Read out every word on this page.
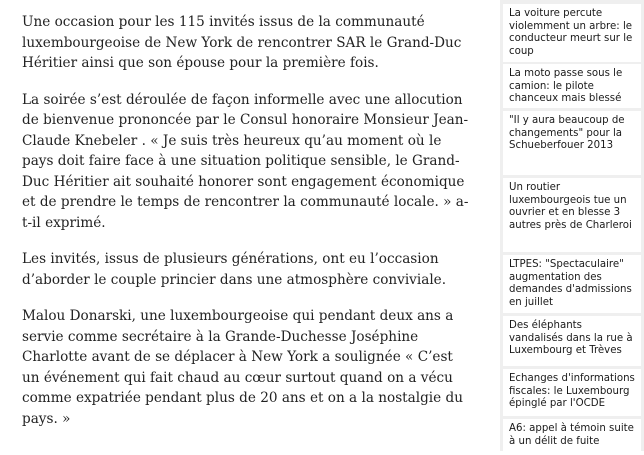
Une occasion pour les 115 invités issus de la communauté luxembourgeoise de New York de rencontrer SAR le Grand-Duc Héritier ainsi que son épouse pour la première fois.

La soirée s’est déroulée de façon informelle avec une allocution de bienvenue prononcée par le Consul honoraire Monsieur Jean-Claude Knebeler . « Je suis très heureux qu’au moment où le pays doit faire face à une situation politique sensible, le Grand-Duc Héritier ait souhaité honorer sont engagement économique et de prendre le temps de rencontrer la communauté locale. » a-t-il exprimé.

Les invités, issus de plusieurs générations, ont eu l’occasion d’aborder le couple princier dans une atmosphère conviviale.

Malou Donarski, une luxembourgeoise qui pendant deux ans a servie comme secrétaire à la Grande-Duchesse Joséphine Charlotte avant de se déplacer à New York a soulignée « C’est un événement qui fait chaud au cœur surtout quand on a vécu comme expatriée pendant plus de 20 ans et on a la nostalgie du pays. »

La voiture percute violemment un arbre: le conducteur meurt sur le coup
La moto passe sous le camion: le pilote chanceux mais blessé
"Il y aura beaucoup de changements" pour la Schueberfouer 2013
Un routier luxembourgeois tue un ouvrier et en blesse 3 autres près de Charleroi
LTPES: "Spectaculaire" augmentation des demandes d'admissions en juillet
Des éléphants vandalisés dans la rue à Luxembourg et Trèves
Echanges d'informations fiscales: le Luxembourg épinglé par l'OCDE
A6: appel à témoin suite à un délit de fuite
